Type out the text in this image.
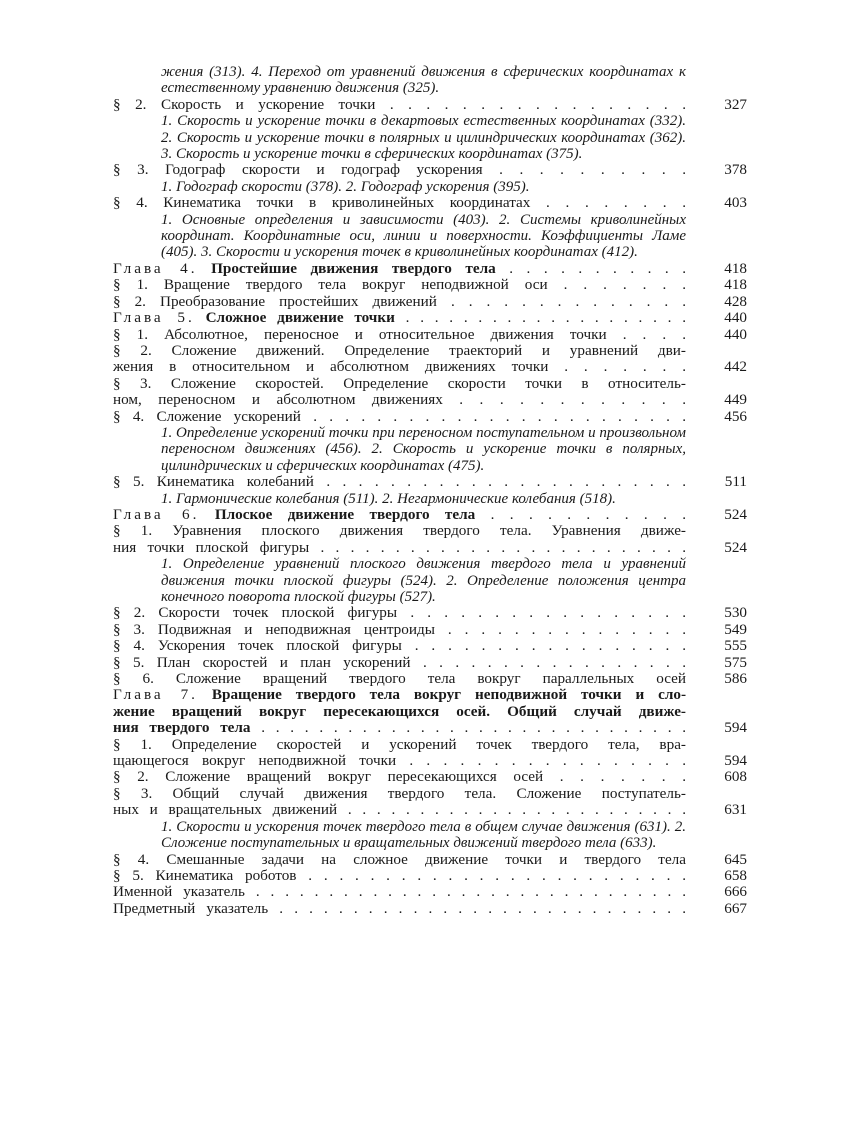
жения (313). 4. Переход от уравнений движения в сферических координатах к естественному уравнению движения (325).
§ 2. Скорость и ускорение точки . . . . . . . . . . . . . . . . .	327
1. Скорость и ускорение точки в декартовых естественных координатах (332). 2. Скорость и ускорение точки в полярных и цилиндрических координатах (362). 3. Скорость и ускорение точки в сферических координатах (375).
§ 3. Годограф скорости и годограф ускорения . . . . . . . . . .	378
1. Годограф скорости (378). 2. Годограф ускорения (395).
§ 4. Кинематика точки в криволинейных координатах . . . . . . . .	403
1. Основные определения и зависимости (403). 2. Системы криволинейных координат. Координатные оси, линии и поверхности. Коэффициенты Ламе (405). 3. Скорости и ускорения точек в криволинейных координатах (412).
Глава 4. Простейшие движения твердого тела . . . . . . . . . . .	418
§ 1. Вращение твердого тела вокруг неподвижной оси . . . . . . .	418
§ 2. Преобразование простейших движений . . . . . . . . . . . . . .	428
Глава 5. Сложное движение точки . . . . . . . . . . . . . . . . . . . .	440
§ 1. Абсолютное, переносное и относительное движения точки . . . .	440
§ 2. Сложение движений. Определение траекторий и уравнений дви-
жения в относительном и абсолютном движениях точки . . . . . . .	442
§ 3. Сложение скоростей. Определение скорости точки в относитель-
ном, переносном и абсолютном движениях . . . . . . . . . . . .	449
§ 4. Сложение ускорений . . . . . . . . . . . . . . . . . . . . . . . .	456
1. Определение ускорений точки при переносном поступательном и произвольном переносном движениях (456). 2. Скорость и ускорение точки в полярных, цилиндрических и сферических координатах (475).
§ 5. Кинематика колебаний . . . . . . . . . . . . . . . . . . . . . . .	511
1. Гармонические колебания (511). 2. Негармонические колебания (518).
Глава 6. Плоское движение твердого тела . . . . . . . . . . .	524
§ 1. Уравнения плоского движения твердого тела. Уравнения движе-
ния точки плоской фигуры . . . . . . . . . . . . . . . . . . . . . . . . .	524
1. Определение уравнений плоского движения твердого тела и уравнений движения точки плоской фигуры (524). 2. Определение положения центра конечного поворота плоской фигуры (527).
§ 2. Скорости точек плоской фигуры . . . . . . . . . . . . . . . . .	530
§ 3. Подвижная и неподвижная центроиды . . . . . . . . . . . . . . .	549
§ 4. Ускорения точек плоской фигуры . . . . . . . . . . . . . . . . .	555
§ 5. План скоростей и план ускорений . . . . . . . . . . . . . . . . .	575
§ 6. Сложение вращений твердого тела вокруг параллельных осей	586
Глава 7. Вращение твердого тела вокруг неподвижной точки и сло-
жение вращений вокруг пересекающихся осей. Общий случай движе-
ния твердого тела . . . . . . . . . . . . . . . . . . . . . . . . . . . . . .	594
§ 1. Определение скоростей и ускорений точек твердого тела, вра-
щающегося вокруг неподвижной точки . . . . . . . . . . . . . . . . .	594
§ 2. Сложение вращений вокруг пересекающихся осей . . . . . . .	608
§ 3. Общий случай движения твердого тела. Сложение поступатель-
ных и вращательных движений . . . . . . . . . . . . . . . . . . . . . . . .	631
1. Скорости и ускорения точек твердого тела в общем случае движения (631). 2. Сложение поступательных и вращательных движений твердого тела (633).
§ 4. Смешанные задачи на сложное движение точки и твердого тела	645
§ 5. Кинематика роботов . . . . . . . . . . . . . . . . . . . . . . . . .	658
Именной указатель . . . . . . . . . . . . . . . . . . . . . . . . . . . . . .	666
Предметный указатель . . . . . . . . . . . . . . . . . . . . . . . . . . . .	667
